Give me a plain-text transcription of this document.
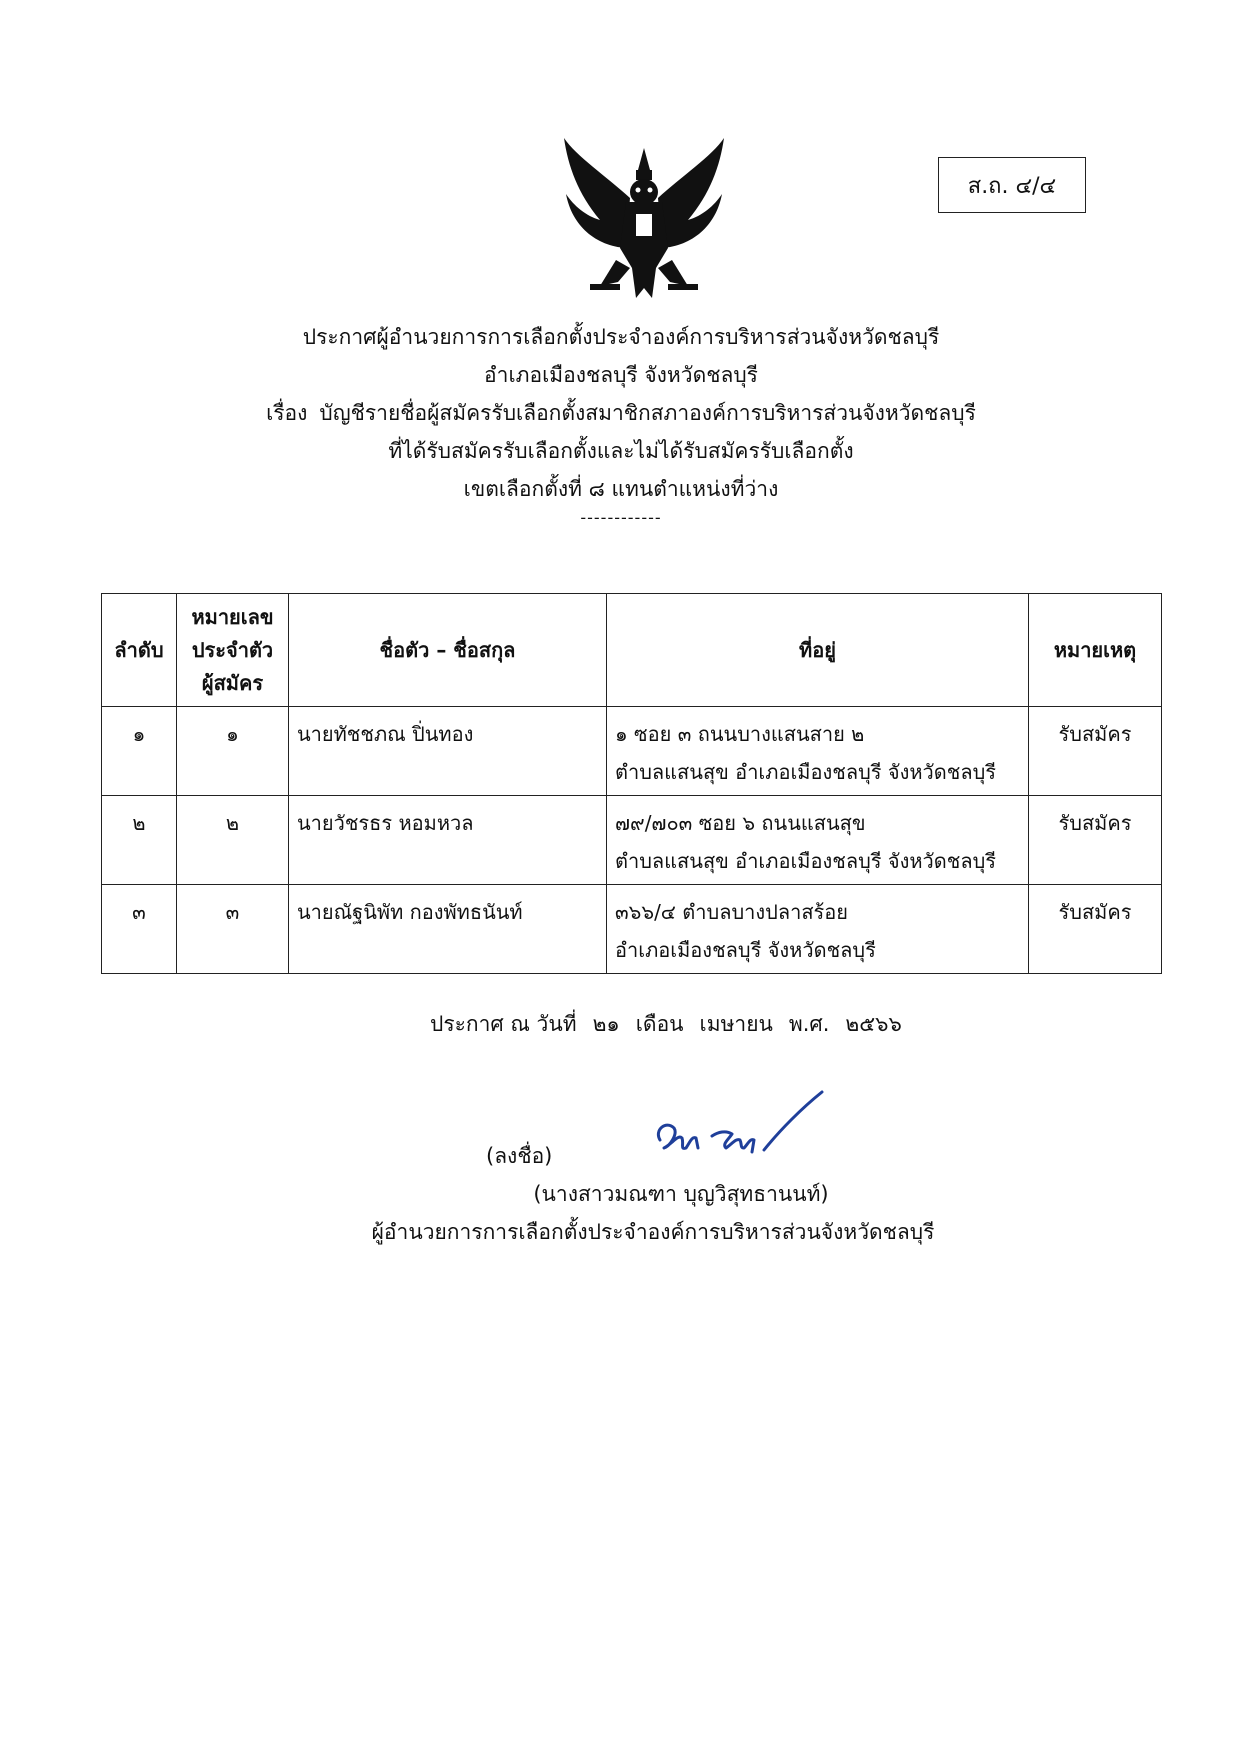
ส.ถ. ๔/๔
ประกาศผู้อำนวยการการเลือกตั้งประจำองค์การบริหารส่วนจังหวัดชลบุรี
อำเภอเมืองชลบุรี จังหวัดชลบุรี
เรื่อง บัญชีรายชื่อผู้สมัครรับเลือกตั้งสมาชิกสภาองค์การบริหารส่วนจังหวัดชลบุรี
ที่ได้รับสมัครรับเลือกตั้งและไม่ได้รับสมัครรับเลือกตั้ง
เขตเลือกตั้งที่ ๘ แทนตำแหน่งที่ว่าง
------------
ลำดับ	หมายเลข
ประจำตัว
ผู้สมัคร	ชื่อตัว – ชื่อสกุล	ที่อยู่	หมายเหตุ
๑	๑	นายทัชชภณ ปิ่นทอง	๑ ซอย ๓ ถนนบางแสนสาย ๒
ตำบลแสนสุข อำเภอเมืองชลบุรี จังหวัดชลบุรี	รับสมัคร
๒	๒	นายวัชรธร หอมหวล	๗๙/๗๐๓ ซอย ๖ ถนนแสนสุข
ตำบลแสนสุข อำเภอเมืองชลบุรี จังหวัดชลบุรี	รับสมัคร
๓	๓	นายณัฐนิพัท กองพัทธนันท์	๓๖๖/๔ ตำบลบางปลาสร้อย
อำเภอเมืองชลบุรี จังหวัดชลบุรี	รับสมัคร
ประกาศ ณ วันที่ ๒๑ เดือน เมษายน พ.ศ. ๒๕๖๖
(ลงชื่อ)
(นางสาวมณฑา บุญวิสุทธานนท์)
ผู้อำนวยการการเลือกตั้งประจำองค์การบริหารส่วนจังหวัดชลบุรี
